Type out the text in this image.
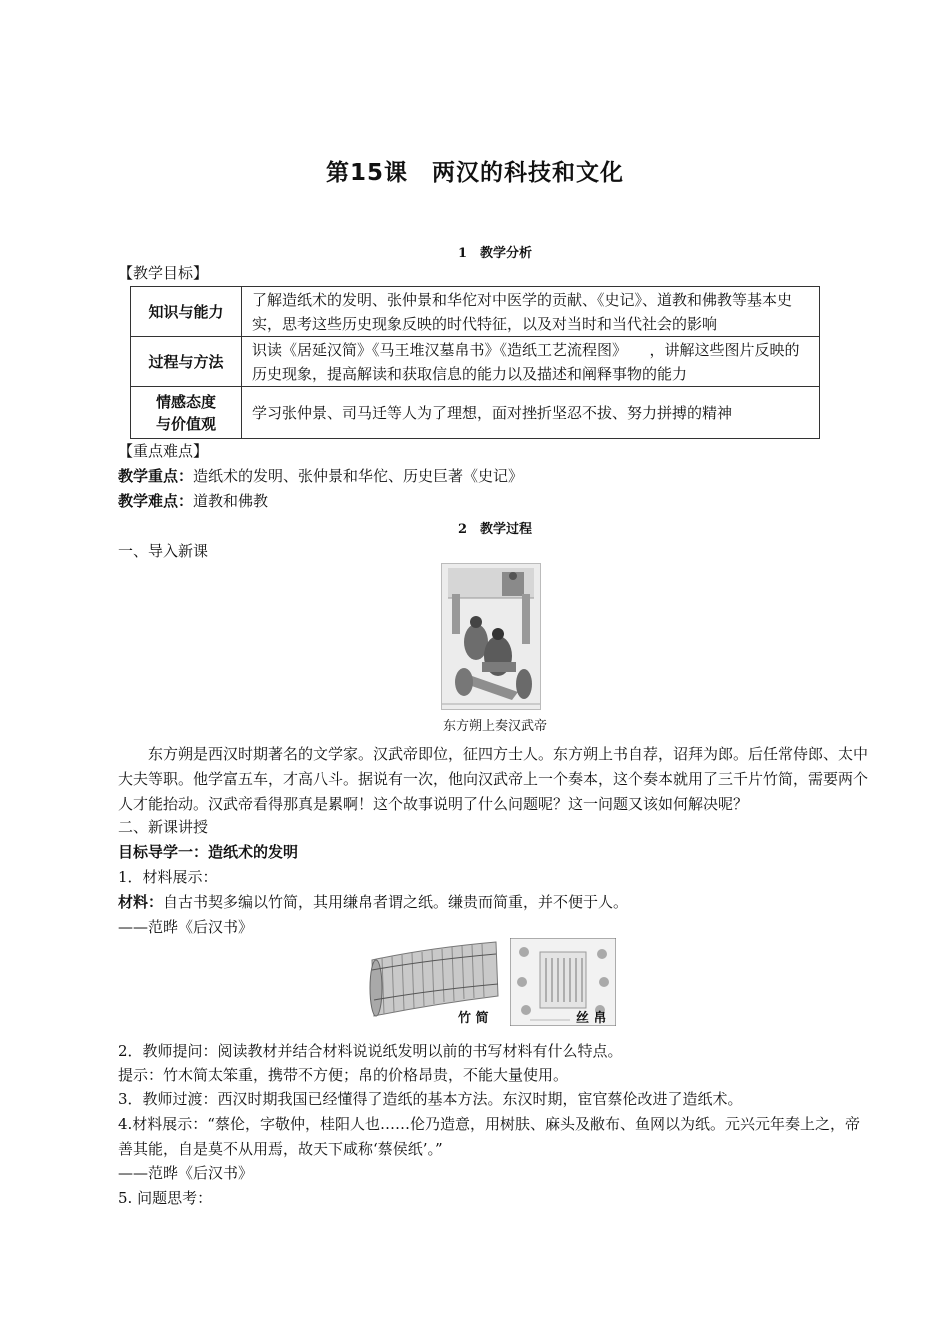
第15课　两汉的科技和文化
1　教学分析
【教学目标】
知识与能力	了解造纸术的发明、张仲景和华佗对中医学的贡献、《史记》、道教和佛教等基本史实，思考这些历史现象反映的时代特征，以及对当时和当代社会的影响
过程与方法	识读《居延汉简》《马王堆汉墓帛书》《造纸工艺流程图》　　，讲解这些图片反映的历史现象，提高解读和获取信息的能力以及描述和阐释事物的能力

情感态度
与价值观	学习张仲景、司马迁等人为了理想，面对挫折坚忍不拔、努力拼搏的精神
【重点难点】
教学重点：造纸术的发明、张仲景和华佗、历史巨著《史记》
教学难点：道教和佛教
2　教学过程
一、导入新课
东方朔上奏汉武帝
东方朔是西汉时期著名的文学家。汉武帝即位，征四方士人。东方朔上书自荐，诏拜为郎。后任常侍郎、太中大夫等职。他学富五车，才高八斗。据说有一次，他向汉武帝上一个奏本，这个奏本就用了三千片竹简，需要两个人才能抬动。汉武帝看得那真是累啊！这个故事说明了什么问题呢？这一问题又该如何解决呢？
二、新课讲授
目标导学一：造纸术的发明
1．材料展示：
材料：自古书契多编以竹简，其用缣帛者谓之纸。缣贵而简重，并不便于人。
——范晔《后汉书》
竹 简	丝 帛
2．教师提问：阅读教材并结合材料说说纸发明以前的书写材料有什么特点。
提示：竹木简太笨重，携带不方便；帛的价格昂贵，不能大量使用。
3．教师过渡：西汉时期我国已经懂得了造纸的基本方法。东汉时期，宦官蔡伦改进了造纸术。
4.材料展示：“蔡伦，字敬仲，桂阳人也……伦乃造意，用树肤、麻头及敝布、鱼网以为纸。元兴元年奏上之，帝善其能，自是莫不从用焉，故天下咸称‘蔡侯纸’。”
——范晔《后汉书》
5. 问题思考：
